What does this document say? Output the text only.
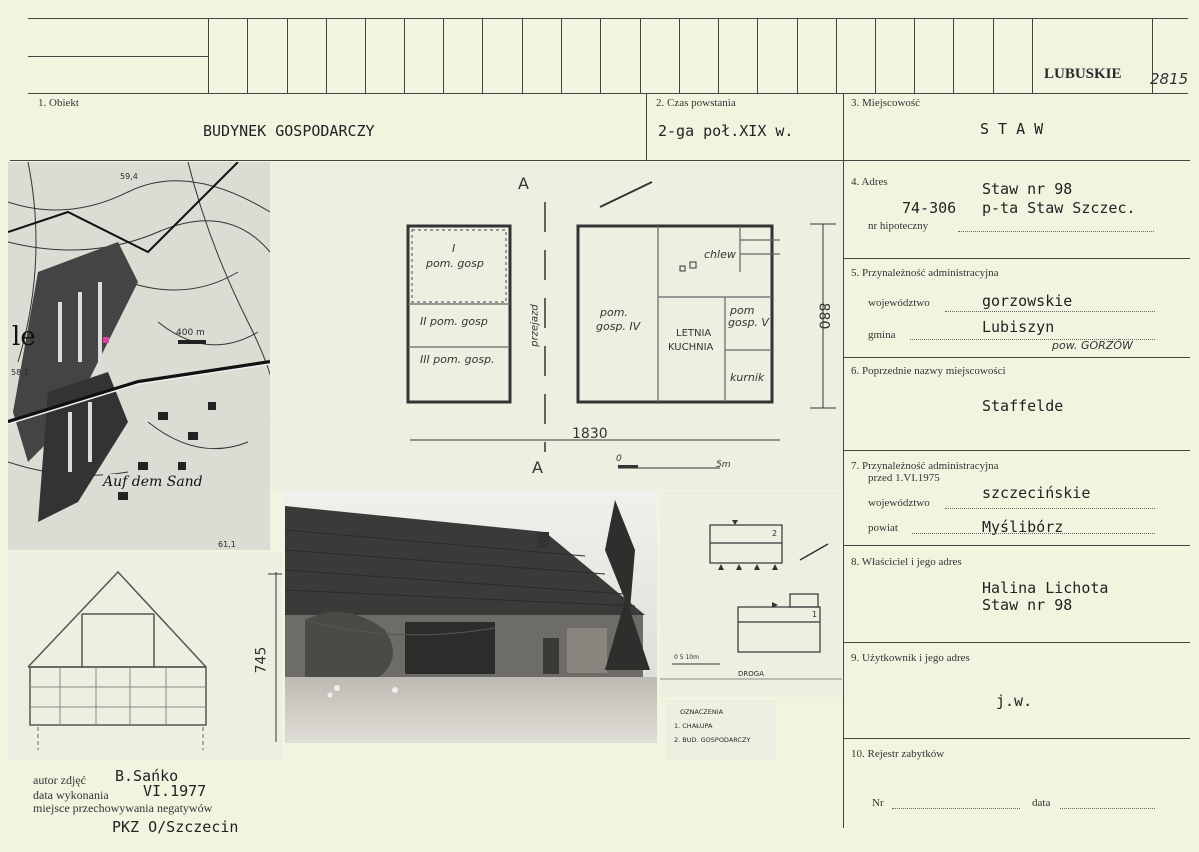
LUBUSKIE 2815
1. Obiekt
BUDYNEK GOSPODARCZY
2. Czas powstania
2-ga poł.XIX w.
3. Miejscowość
S T A W
4. Adres	Staw nr 98
74-306 p-ta Staw Szczec.
nr hipoteczny
5. Przynależność administracyjna
województwo	gorzowskie
gmina	Lubiszyn
pow. GORZÓW
6. Poprzednie nazwy miejscowości
Staffelde
7. Przynależność administracyjna
przed 1.VI.1975
województwo
szczecińskie
powiat	Myślibórz
8. Właściciel i jego adres
Halina Lichota
Staw nr 98
9. Użytkownik i jego adres
j.w.
10. Rejestr zabytków
Nr	data
le	400 m
Auf dem Sand
58,1
61,1
59,4	A
A
I
pom. gosp
II pom. gosp
III pom. gosp.
przejazd	pom.
gosp. IV
chlew
LETNIA
KUCHNIA
pom
gosp. V
kurnik
1830
880
0
5m
745
2
1
0 5 10m
DROGA
OZNACZENIA
1. CHAŁUPA
2. BUD. GOSPODARCZY
autor zdjęć B.Sańko
data wykonania VI.1977
miejsce przechowywania negatywów
PKZ O/Szczecin
